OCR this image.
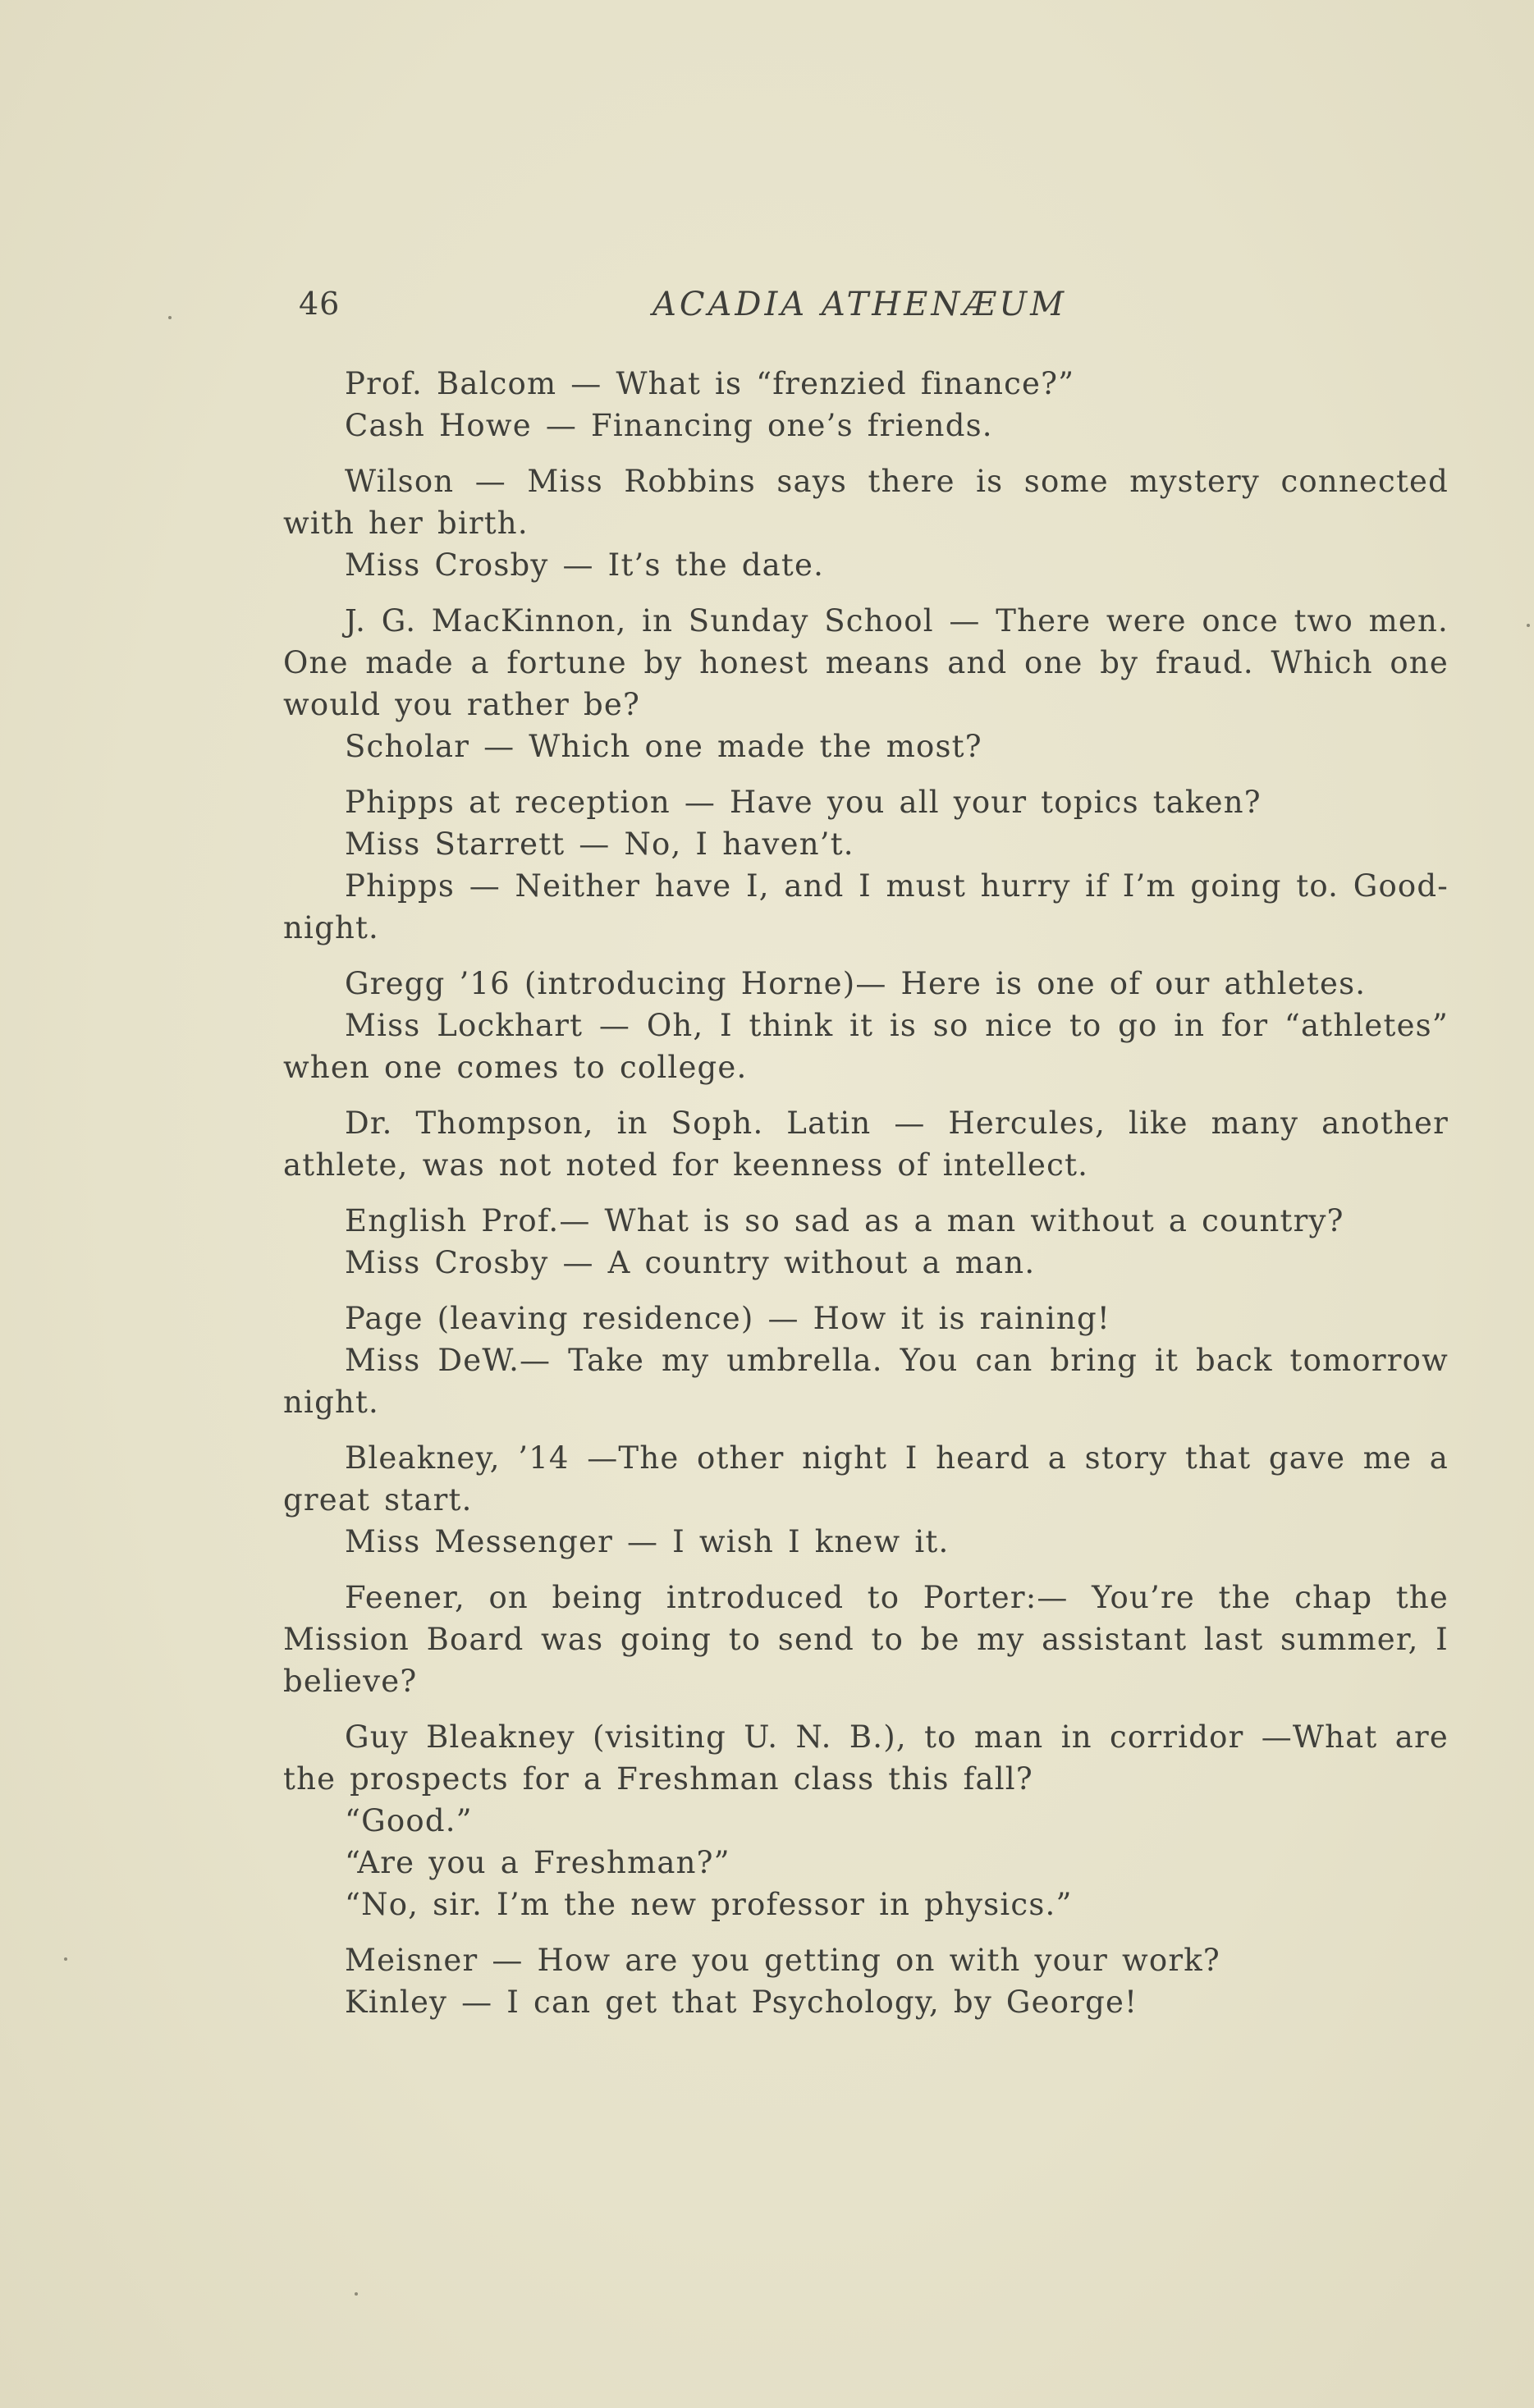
46	ACADIA ATHENÆUM

Prof. Balcom — What is “frenzied finance?”

Cash Howe — Financing one’s friends.

Wilson — Miss Robbins says there is some mystery connected with her birth.

Miss Crosby — It’s the date.

J. G. MacKinnon, in Sunday School — There were once two men. One made a fortune by honest means and one by fraud. Which one would you rather be?

Scholar — Which one made the most?

Phipps at reception — Have you all your topics taken?

Miss Starrett — No, I haven’t.

Phipps — Neither have I, and I must hurry if I’m going to. Good-night.

Gregg ’16 (introducing Horne)— Here is one of our athletes.

Miss Lockhart — Oh, I think it is so nice to go in for “athletes” when one comes to college.

Dr. Thompson, in Soph. Latin — Hercules, like many another athlete, was not noted for keenness of intellect.

English Prof.— What is so sad as a man without a country?

Miss Crosby — A country without a man.

Page (leaving residence) — How it is raining!

Miss DeW.— Take my umbrella. You can bring it back tomorrow night.

Bleakney, ’14 —The other night I heard a story that gave me a great start.

Miss Messenger — I wish I knew it.

Feener, on being introduced to Porter:— You’re the chap the Mission Board was going to send to be my assistant last summer, I believe?

Guy Bleakney (visiting U. N. B.), to man in corridor —What are the prospects for a Freshman class this fall?

“Good.”

“Are you a Freshman?”

“No, sir. I’m the new professor in physics.”

Meisner — How are you getting on with your work?

Kinley — I can get that Psychology, by George!
